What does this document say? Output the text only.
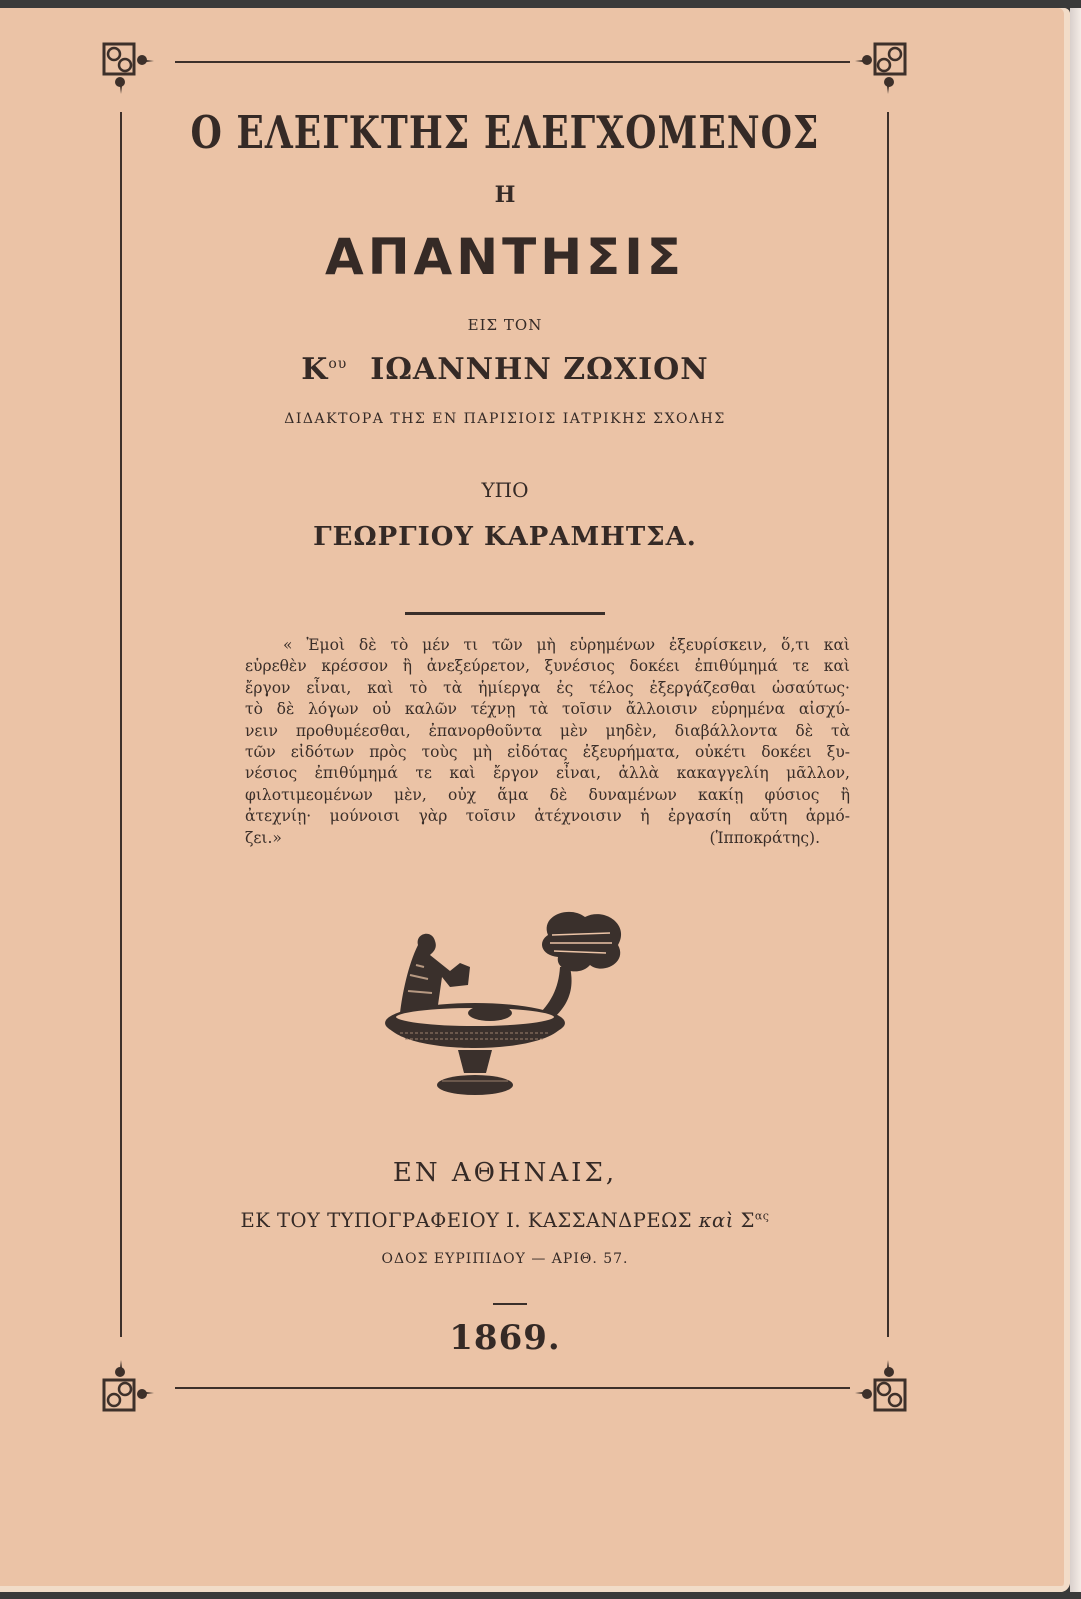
Ο ΕΛΕΓΚΤΗΣ ΕΛΕΓΧΟΜΕΝΟΣ
Η
ΑΠΑΝΤΗΣΙΣ
ΕΙΣ ΤΟΝ
$K^{o\upsilon}$ ΙΩΑΝΝΗΝ ΖΩΧΙΟΝ
ΔΙΔΑΚΤΟΡΑ ΤΗΣ ΕΝ ΠΑΡΙΣΙΟΙΣ ΙΑΤΡΙΚΗΣ ΣΧΟΛΗΣ
ΥΠΟ
ΓΕΩΡΓΙΟΥ ΚΑΡΑΜΗΤΣΑ.
« Ἐμοὶ δὲ τὸ μέν τι τῶν μὴ εὑρημένων ἐξευρίσκειν, ὅ,τι καὶ
εὑρεθὲν κρέσσον ἢ ἀνεξεύρετον, ξυνέσιος δοκέει ἐπιθύμημά τε καὶ
ἔργον εἶναι, καὶ τὸ τὰ ἡμίεργα ἐς τέλος ἐξεργάζεσθαι ὡσαύτως·
τὸ δὲ λόγων οὐ καλῶν τέχνῃ τὰ τοῖσιν ἄλλοισιν εὑρημένα αἰσχύ-
νειν προθυμέεσθαι, ἐπανορθοῦντα μὲν μηδὲν, διαβάλλοντα δὲ τὰ
τῶν εἰδότων πρὸς τοὺς μὴ εἰδότας ἐξευρήματα, οὐκέτι δοκέει ξυ-
νέσιος ἐπιθύμημά τε καὶ ἔργον εἶναι, ἀλλὰ κακαγγελίη μᾶλλον,
φιλοτιμεομένων μὲν, οὐχ ἅμα δὲ δυναμένων κακίῃ φύσιος ἢ
ἀτεχνίῃ· μούνοισι γὰρ τοῖσιν ἀτέχνοισιν ἡ ἐργασίη αὕτη ἁρμό-
ζει.»	(Ἱπποκράτης).
ΕΝ ΑΘΗΝΑΙΣ,
ΕΚ ΤΟΥ ΤΥΠΟΓΡΑΦΕΙΟΥ Ι. ΚΑΣΣΑΝΔΡΕΩΣ καὶ $\Sigma^{\alpha\varsigma}$
ΟΔΟΣ ΕΥΡΙΠΙΔΟΥ — ΑΡΙΘ. 57.
1869.
